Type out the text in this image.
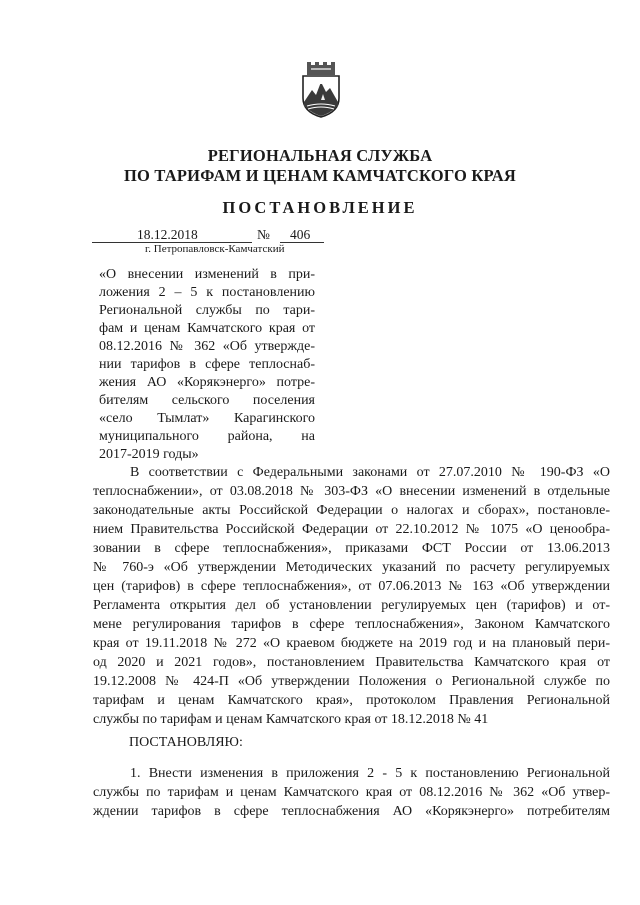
РЕГИОНАЛЬНАЯ СЛУЖБА
ПО ТАРИФАМ И ЦЕНАМ КАМЧАТСКОГО КРАЯ
ПОСТАНОВЛЕНИЕ
18.12.2018	№ 406
г. Петропавловск-Камчатский
«О внесении изменений в при-
ложения 2 – 5 к постановлению
Региональной службы по тари-
фам и ценам Камчатского края от
08.12.2016 № 362 «Об утвержде-
нии тарифов в сфере теплоснаб-
жения АО «Корякэнерго» потре-
бителям сельского поселения
«село Тымлат» Карагинского
муниципального района, на
2017-2019 годы»
В соответствии с Федеральными законами от 27.07.2010 № 190-ФЗ «О
теплоснабжении», от 03.08.2018 № 303-ФЗ «О внесении изменений в отдельные
законодательные акты Российской Федерации о налогах и сборах», постановле-
нием Правительства Российской Федерации от 22.10.2012 № 1075 «О ценообра-
зовании в сфере теплоснабжения», приказами ФСТ России от 13.06.2013
№ 760-э «Об утверждении Методических указаний по расчету регулируемых
цен (тарифов) в сфере теплоснабжения», от 07.06.2013 № 163 «Об утверждении
Регламента открытия дел об установлении регулируемых цен (тарифов) и от-
мене регулирования тарифов в сфере теплоснабжения», Законом Камчатского
края от 19.11.2018 № 272 «О краевом бюджете на 2019 год и на плановый пери-
од 2020 и 2021 годов», постановлением Правительства Камчатского края от
19.12.2008 № 424-П «Об утверждении Положения о Региональной службе по
тарифам и ценам Камчатского края», протоколом Правления Региональной
службы по тарифам и ценам Камчатского края от 18.12.2018 № 41
ПОСТАНОВЛЯЮ:
1. Внести изменения в приложения 2 - 5 к постановлению Региональной
службы по тарифам и ценам Камчатского края от 08.12.2016 № 362 «Об утвер-
ждении тарифов в сфере теплоснабжения АО «Корякэнерго» потребителям
